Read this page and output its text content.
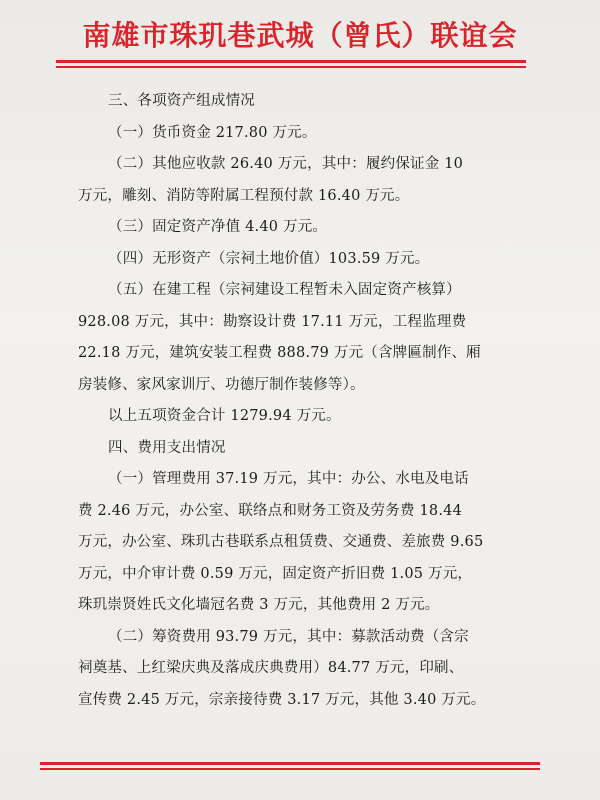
南雄市珠玑巷武城（曾氏）联谊会
三、各项资产组成情况
（一）货币资金 217.80 万元。
（二）其他应收款 26.40 万元，其中：履约保证金 10
万元，雕刻、消防等附属工程预付款 16.40 万元。
（三）固定资产净值 4.40 万元。
（四）无形资产（宗祠土地价值）103.59 万元。
（五）在建工程（宗祠建设工程暂未入固定资产核算）
928.08 万元，其中：勘察设计费 17.11 万元，工程监理费
22.18 万元，建筑安装工程费 888.79 万元（含牌匾制作、厢
房装修、家风家训厅、功德厅制作装修等）。
以上五项资金合计 1279.94 万元。
四、费用支出情况
（一）管理费用 37.19 万元，其中：办公、水电及电话
费 2.46 万元，办公室、联络点和财务工资及劳务费 18.44
万元，办公室、珠玑古巷联系点租赁费、交通费、差旅费 9.65
万元，中介审计费 0.59 万元，固定资产折旧费 1.05 万元，
珠玑崇贤姓氏文化墙冠名费 3 万元，其他费用 2 万元。
（二）筹资费用 93.79 万元，其中：募款活动费（含宗
祠奠基、上红梁庆典及落成庆典费用）84.77 万元，印刷、
宣传费 2.45 万元，宗亲接待费 3.17 万元，其他 3.40 万元。
